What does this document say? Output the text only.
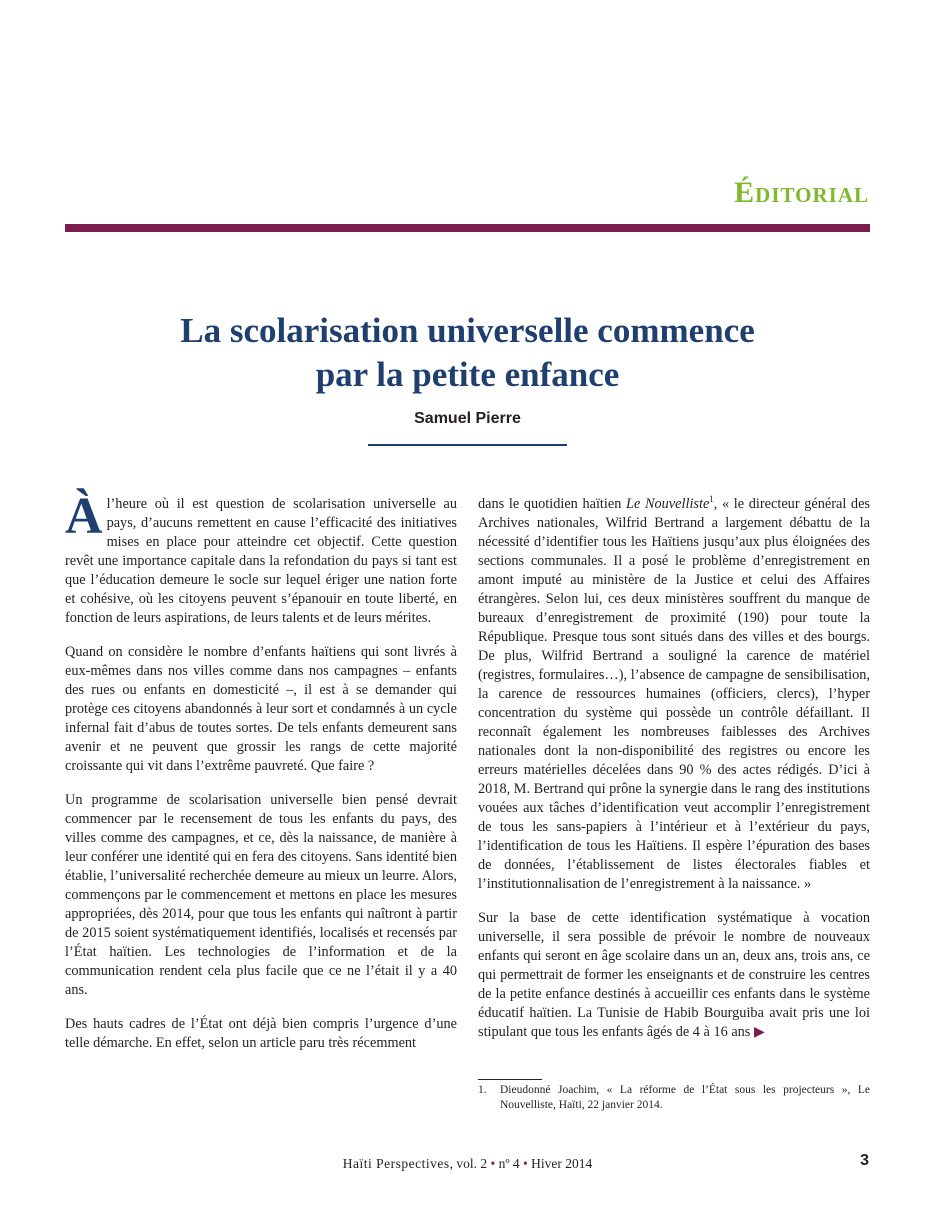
Éditorial
La scolarisation universelle commence
par la petite enfance
Samuel Pierre

À l’heure où il est question de scolarisation universelle au pays, d’aucuns remettent en cause l’efficacité des initiatives mises en place pour atteindre cet objectif. Cette question revêt une importance capitale dans la refondation du pays si tant est que l’éducation demeure le socle sur lequel ériger une nation forte et cohésive, où les citoyens peuvent s’épanouir en toute liberté, en fonction de leurs aspirations, de leurs talents et de leurs mérites.

Quand on considère le nombre d’enfants haïtiens qui sont livrés à eux-mêmes dans nos villes comme dans nos campagnes – enfants des rues ou enfants en domesticité –, il est à se demander qui protège ces citoyens abandonnés à leur sort et condamnés à un cycle infernal fait d’abus de toutes sortes. De tels enfants demeurent sans avenir et ne peuvent que grossir les rangs de cette majorité croissante qui vit dans l’extrême pauvreté. Que faire ?

Un programme de scolarisation universelle bien pensé devrait commencer par le recensement de tous les enfants du pays, des villes comme des campagnes, et ce, dès la naissance, de manière à leur conférer une identité qui en fera des citoyens. Sans identité bien établie, l’universalité recherchée demeure au mieux un leurre. Alors, commençons par le commencement et mettons en place les mesures appropriées, dès 2014, pour que tous les enfants qui naîtront à partir de 2015 soient systématiquement identifiés, localisés et recensés par l’État haïtien. Les technologies de l’information et de la communication rendent cela plus facile que ce ne l’était il y a 40 ans.

Des hauts cadres de l’État ont déjà bien compris l’urgence d’une telle démarche. En effet, selon un article paru très récemment

dans le quotidien haïtien Le Nouvelliste$^1$, « le directeur général des Archives nationales, Wilfrid Bertrand a largement débattu de la nécessité d’identifier tous les Haïtiens jusqu’aux plus éloignées des sections communales. Il a posé le problème d’enregistrement en amont imputé au ministère de la Justice et celui des Affaires étrangères. Selon lui, ces deux ministères souffrent du manque de bureaux d’enregistrement de proximité (190) pour toute la République. Presque tous sont situés dans des villes et des bourgs. De plus, Wilfrid Bertrand a souligné la carence de matériel (registres, formulaires…), l’absence de campagne de sensibilisation, la carence de ressources humaines (officiers, clercs), l’hyper concentration du système qui possède un contrôle défaillant. Il reconnaît également les nombreuses faiblesses des Archives nationales dont la non-disponibilité des registres ou encore les erreurs matérielles décelées dans 90 % des actes rédigés. D’ici à 2018, M. Bertrand qui prône la synergie dans le rang des institutions vouées aux tâches d’identification veut accomplir l’enregistrement de tous les sans-papiers à l’intérieur et à l’extérieur du pays, l’identification de tous les Haïtiens. Il espère l’épuration des bases de données, l’établissement de listes électorales fiables et l’institutionnalisation de l’enregistrement à la naissance. »

Sur la base de cette identification systématique à vocation universelle, il sera possible de prévoir le nombre de nouveaux enfants qui seront en âge scolaire dans un an, deux ans, trois ans, ce qui permettrait de former les enseignants et de construire les centres de la petite enfance destinés à accueillir ces enfants dans le système éducatif haïtien. La Tunisie de Habib Bourguiba avait pris une loi stipulant que tous les enfants âgés de 4 à 16 ans ▶

1.	Dieudonné Joachim, « La réforme de l’État sous les projecteurs », Le Nouvelliste, Haïti, 22 janvier 2014.
Haïti Perspectives, vol. 2 • nº 4 • Hiver 2014	3
